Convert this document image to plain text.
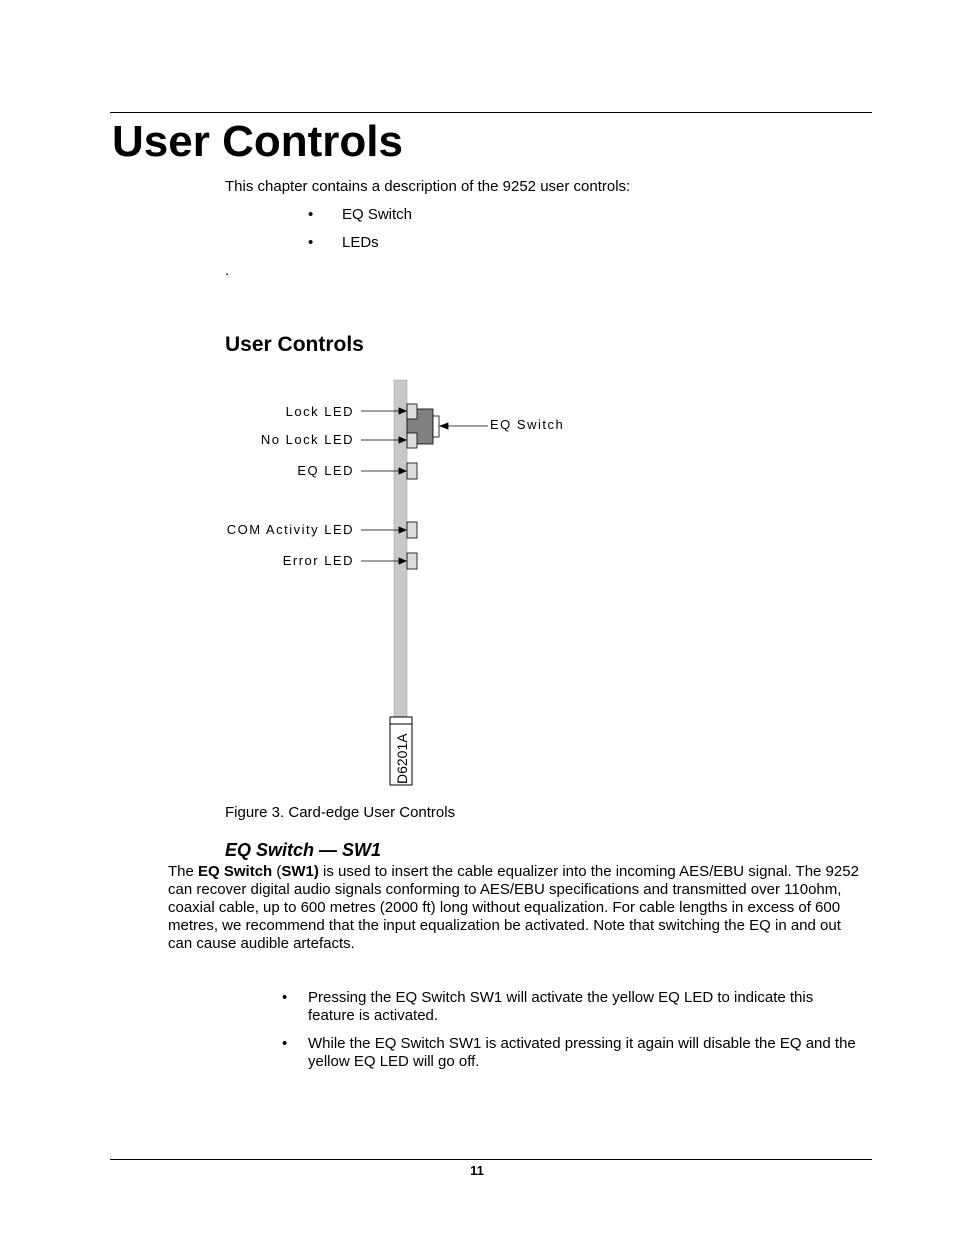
User Controls

This chapter contains a description of the 9252 user controls:

• EQ Switch
• LEDs
.
User Controls
D6201A
Lock LED
No Lock LED
EQ LED
COM Activity LED
Error LED
EQ Switch

Figure 3. Card-edge User Controls

EQ Switch — SW1

The EQ Switch (SW1) is used to insert the cable equalizer into the incoming AES/EBU signal. The 9252 can recover digital audio signals conforming to AES/EBU specifications and transmitted over 110ohm, coaxial cable, up to 600 metres (2000 ft) long without equalization. For cable lengths in excess of 600 metres, we recommend that the input equalization be activated. Note that switching the EQ in and out can cause audible artefacts.

• Pressing the EQ Switch SW1 will activate the yellow EQ LED to indicate this feature is activated.
• While the EQ Switch SW1 is activated pressing it again will disable the EQ and the yellow EQ LED will go off.
11
